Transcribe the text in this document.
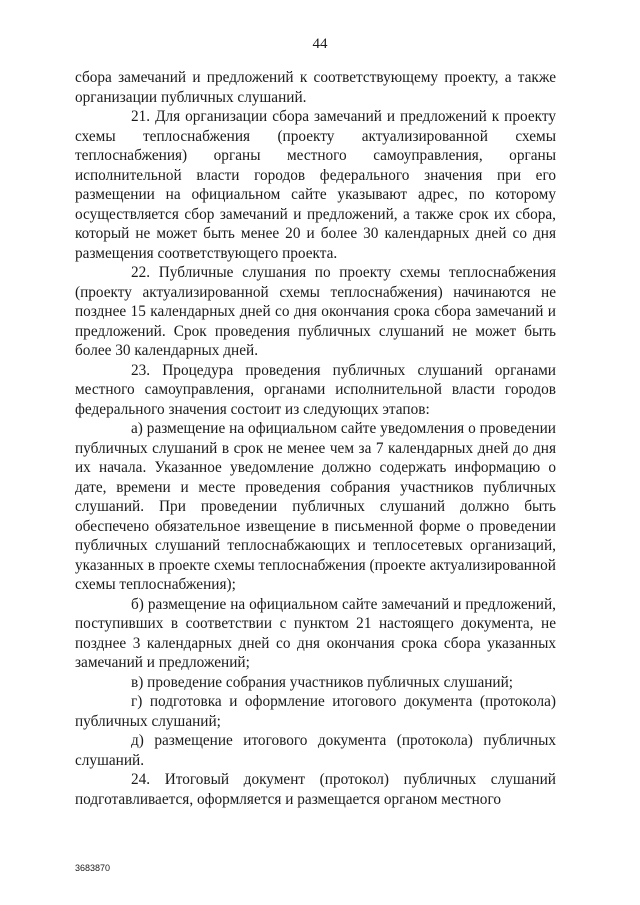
44

сбора замечаний и предложений к соответствующему проекту, а также организации публичных слушаний.

21. Для организации сбора замечаний и предложений к проекту схемы теплоснабжения (проекту актуализированной схемы теплоснабжения) органы местного самоуправления, органы исполнительной власти городов федерального значения при его размещении на официальном сайте указывают адрес, по которому осуществляется сбор замечаний и предложений, а также срок их сбора, который не может быть менее 20 и более 30 календарных дней со дня размещения соответствующего проекта.

22. Публичные слушания по проекту схемы теплоснабжения (проекту актуализированной схемы теплоснабжения) начинаются не позднее 15 календарных дней со дня окончания срока сбора замечаний и предложений. Срок проведения публичных слушаний не может быть более 30 календарных дней.

23. Процедура проведения публичных слушаний органами местного самоуправления, органами исполнительной власти городов федерального значения состоит из следующих этапов:

а) размещение на официальном сайте уведомления о проведении публичных слушаний в срок не менее чем за 7 календарных дней до дня их начала. Указанное уведомление должно содержать информацию о дате, времени и месте проведения собрания участников публичных слушаний. При проведении публичных слушаний должно быть обеспечено обязательное извещение в письменной форме о проведении публичных слушаний теплоснабжающих и теплосетевых организаций, указанных в проекте схемы теплоснабжения (проекте актуализированной схемы теплоснабжения);

б) размещение на официальном сайте замечаний и предложений, поступивших в соответствии с пунктом 21 настоящего документа, не позднее 3 календарных дней со дня окончания срока сбора указанных замечаний и предложений;

в) проведение собрания участников публичных слушаний;

г) подготовка и оформление итогового документа (протокола) публичных слушаний;

д) размещение итогового документа (протокола) публичных слушаний.

24. Итоговый документ (протокол) публичных слушаний подготавливается, оформляется и размещается органом местного

3683870
